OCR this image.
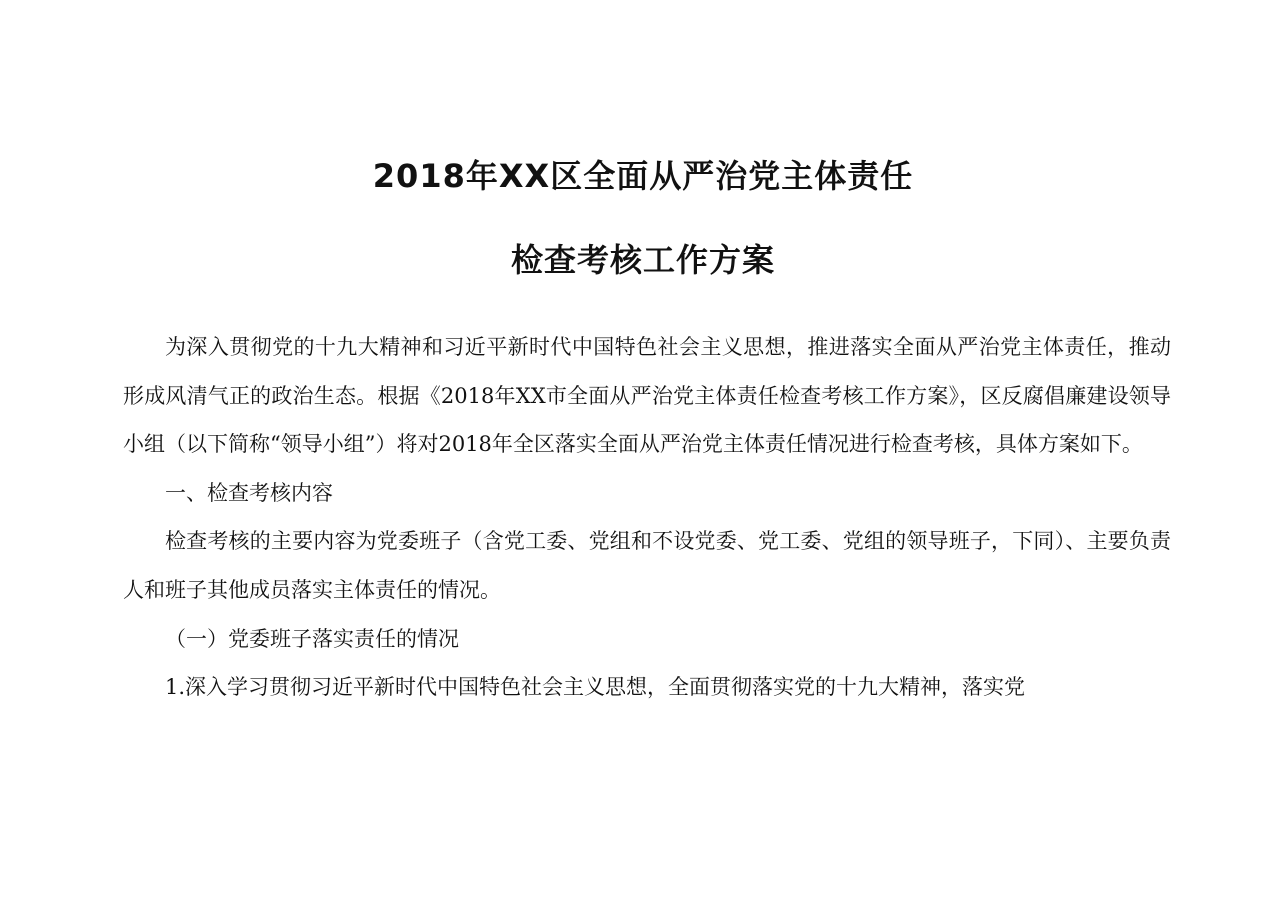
2018年XX区全面从严治党主体责任
检查考核工作方案

为深入贯彻党的十九大精神和习近平新时代中国特色社会主义思想，推进落实全面从严治党主体责任，推动形成风清气正的政治生态。根据《2018年XX市全面从严治党主体责任检查考核工作方案》，区反腐倡廉建设领导小组（以下简称“领导小组”）将对2018年全区落实全面从严治党主体责任情况进行检查考核，具体方案如下。

一、检查考核内容

检查考核的主要内容为党委班子（含党工委、党组和不设党委、党工委、党组的领导班子，下同）、主要负责人和班子其他成员落实主体责任的情况。

（一）党委班子落实责任的情况

1.深入学习贯彻习近平新时代中国特色社会主义思想，全面贯彻落实党的十九大精神，落实党
